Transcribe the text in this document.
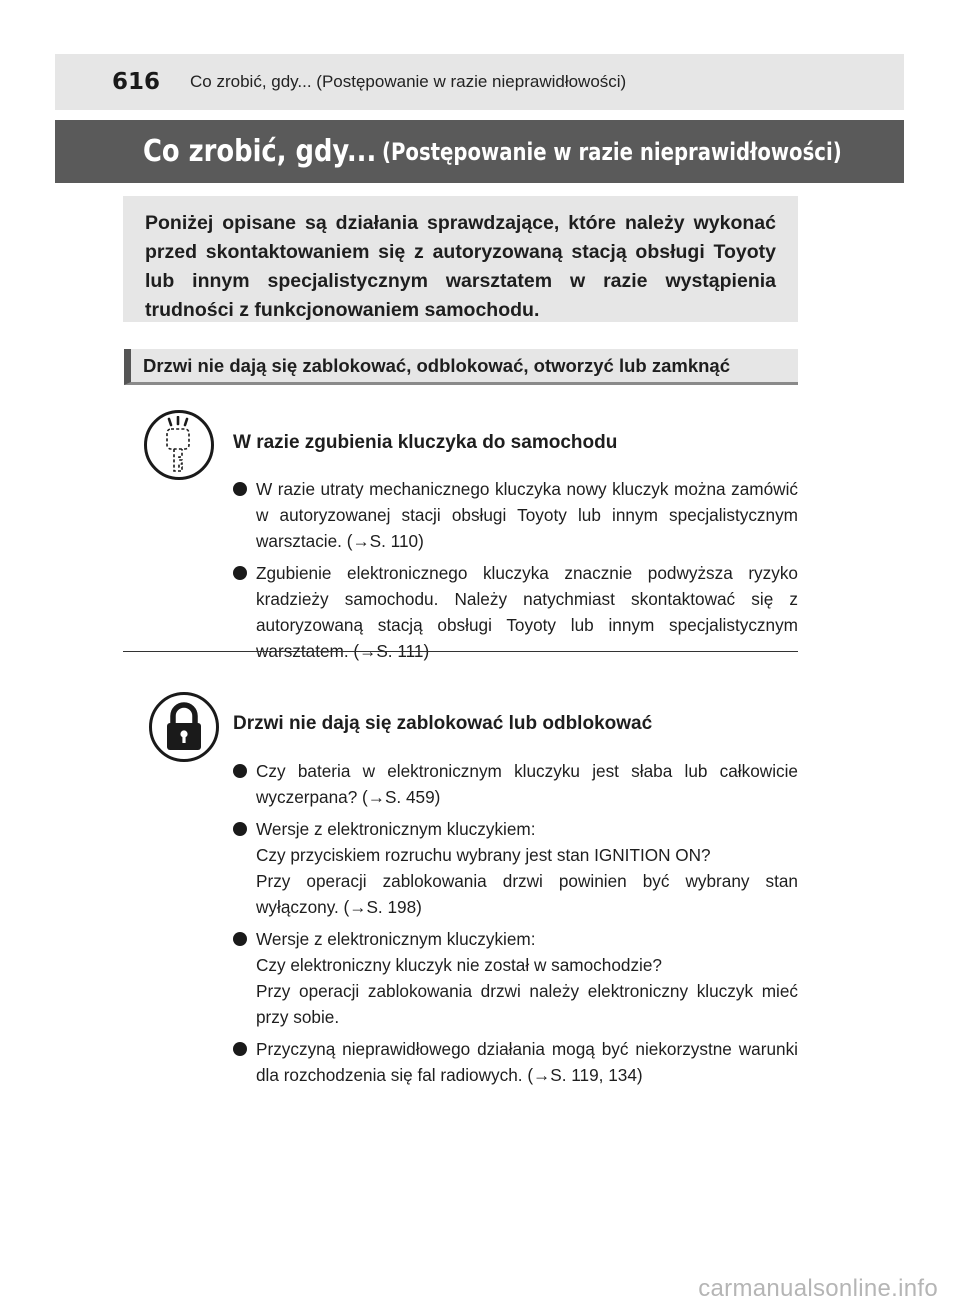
616 Co zrobić, gdy... (Postępowanie w razie nieprawidłowości)
Co zrobić, gdy... (Postępowanie w razie nieprawidłowości)

Poniżej opisane są działania sprawdzające, które należy wykonać przed skontaktowaniem się z autoryzowaną stacją obsługi Toyoty lub innym specjalistycznym warsztatem w razie wystąpienia trudności z funkcjonowaniem samochodu.

Drzwi nie dają się zablokować, odblokować, otworzyć lub zamknąć
W razie zgubienia kluczyka do samochodu

W razie utraty mechanicznego kluczyka nowy kluczyk można zamówić w autoryzowanej stacji obsługi Toyoty lub innym specjalistycznym warsztacie. (→S. 110)

Zgubienie elektronicznego kluczyka znacznie podwyższa ryzyko kradzieży samochodu. Należy natychmiast skontaktować się z autoryzowaną stacją obsługi Toyoty lub innym specjalistycznym warsztatem. (→S. 111)

Drzwi nie dają się zablokować lub odblokować

Czy bateria w elektronicznym kluczyku jest słaba lub całkowicie wyczerpana? (→S. 459)

Wersje z elektronicznym kluczykiem:

Czy przyciskiem rozruchu wybrany jest stan IGNITION ON?

Przy operacji zablokowania drzwi powinien być wybrany stan wyłączony. (→S. 198)

Wersje z elektronicznym kluczykiem:

Czy elektroniczny kluczyk nie został w samochodzie?

Przy operacji zablokowania drzwi należy elektroniczny kluczyk mieć przy sobie.

Przyczyną nieprawidłowego działania mogą być niekorzystne warunki dla rozchodzenia się fal radiowych. (→S. 119, 134)

carmanualsonline.info
